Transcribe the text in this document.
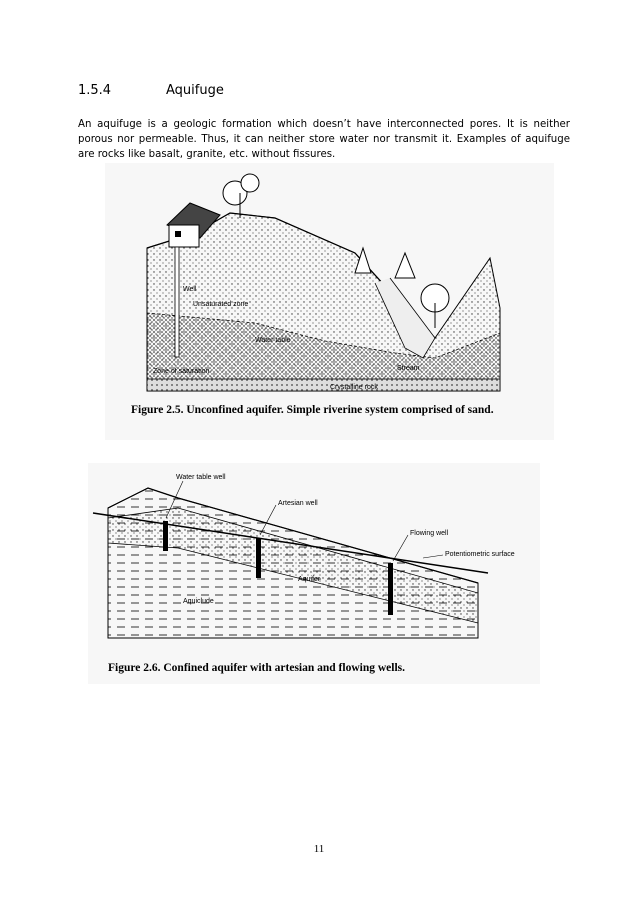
1.5.4	Aquifuge
An aquifuge is a geologic formation which doesn’t have interconnected pores. It is neither porous nor permeable. Thus, it can neither store water nor transmit it. Examples of aquifuge are rocks like basalt, granite, etc. without fissures.
Well
Unsaturated zone
Water table
Zone of saturation	Stream
Crystalline rock
Figure 2.5. Unconfined aquifer. Simple riverine system comprised of sand.
Water table well
Artesian well
Flowing well
Potentiometric surface
Aquifer
Aquiclude
Figure 2.6. Confined aquifer with artesian and flowing wells.
11
